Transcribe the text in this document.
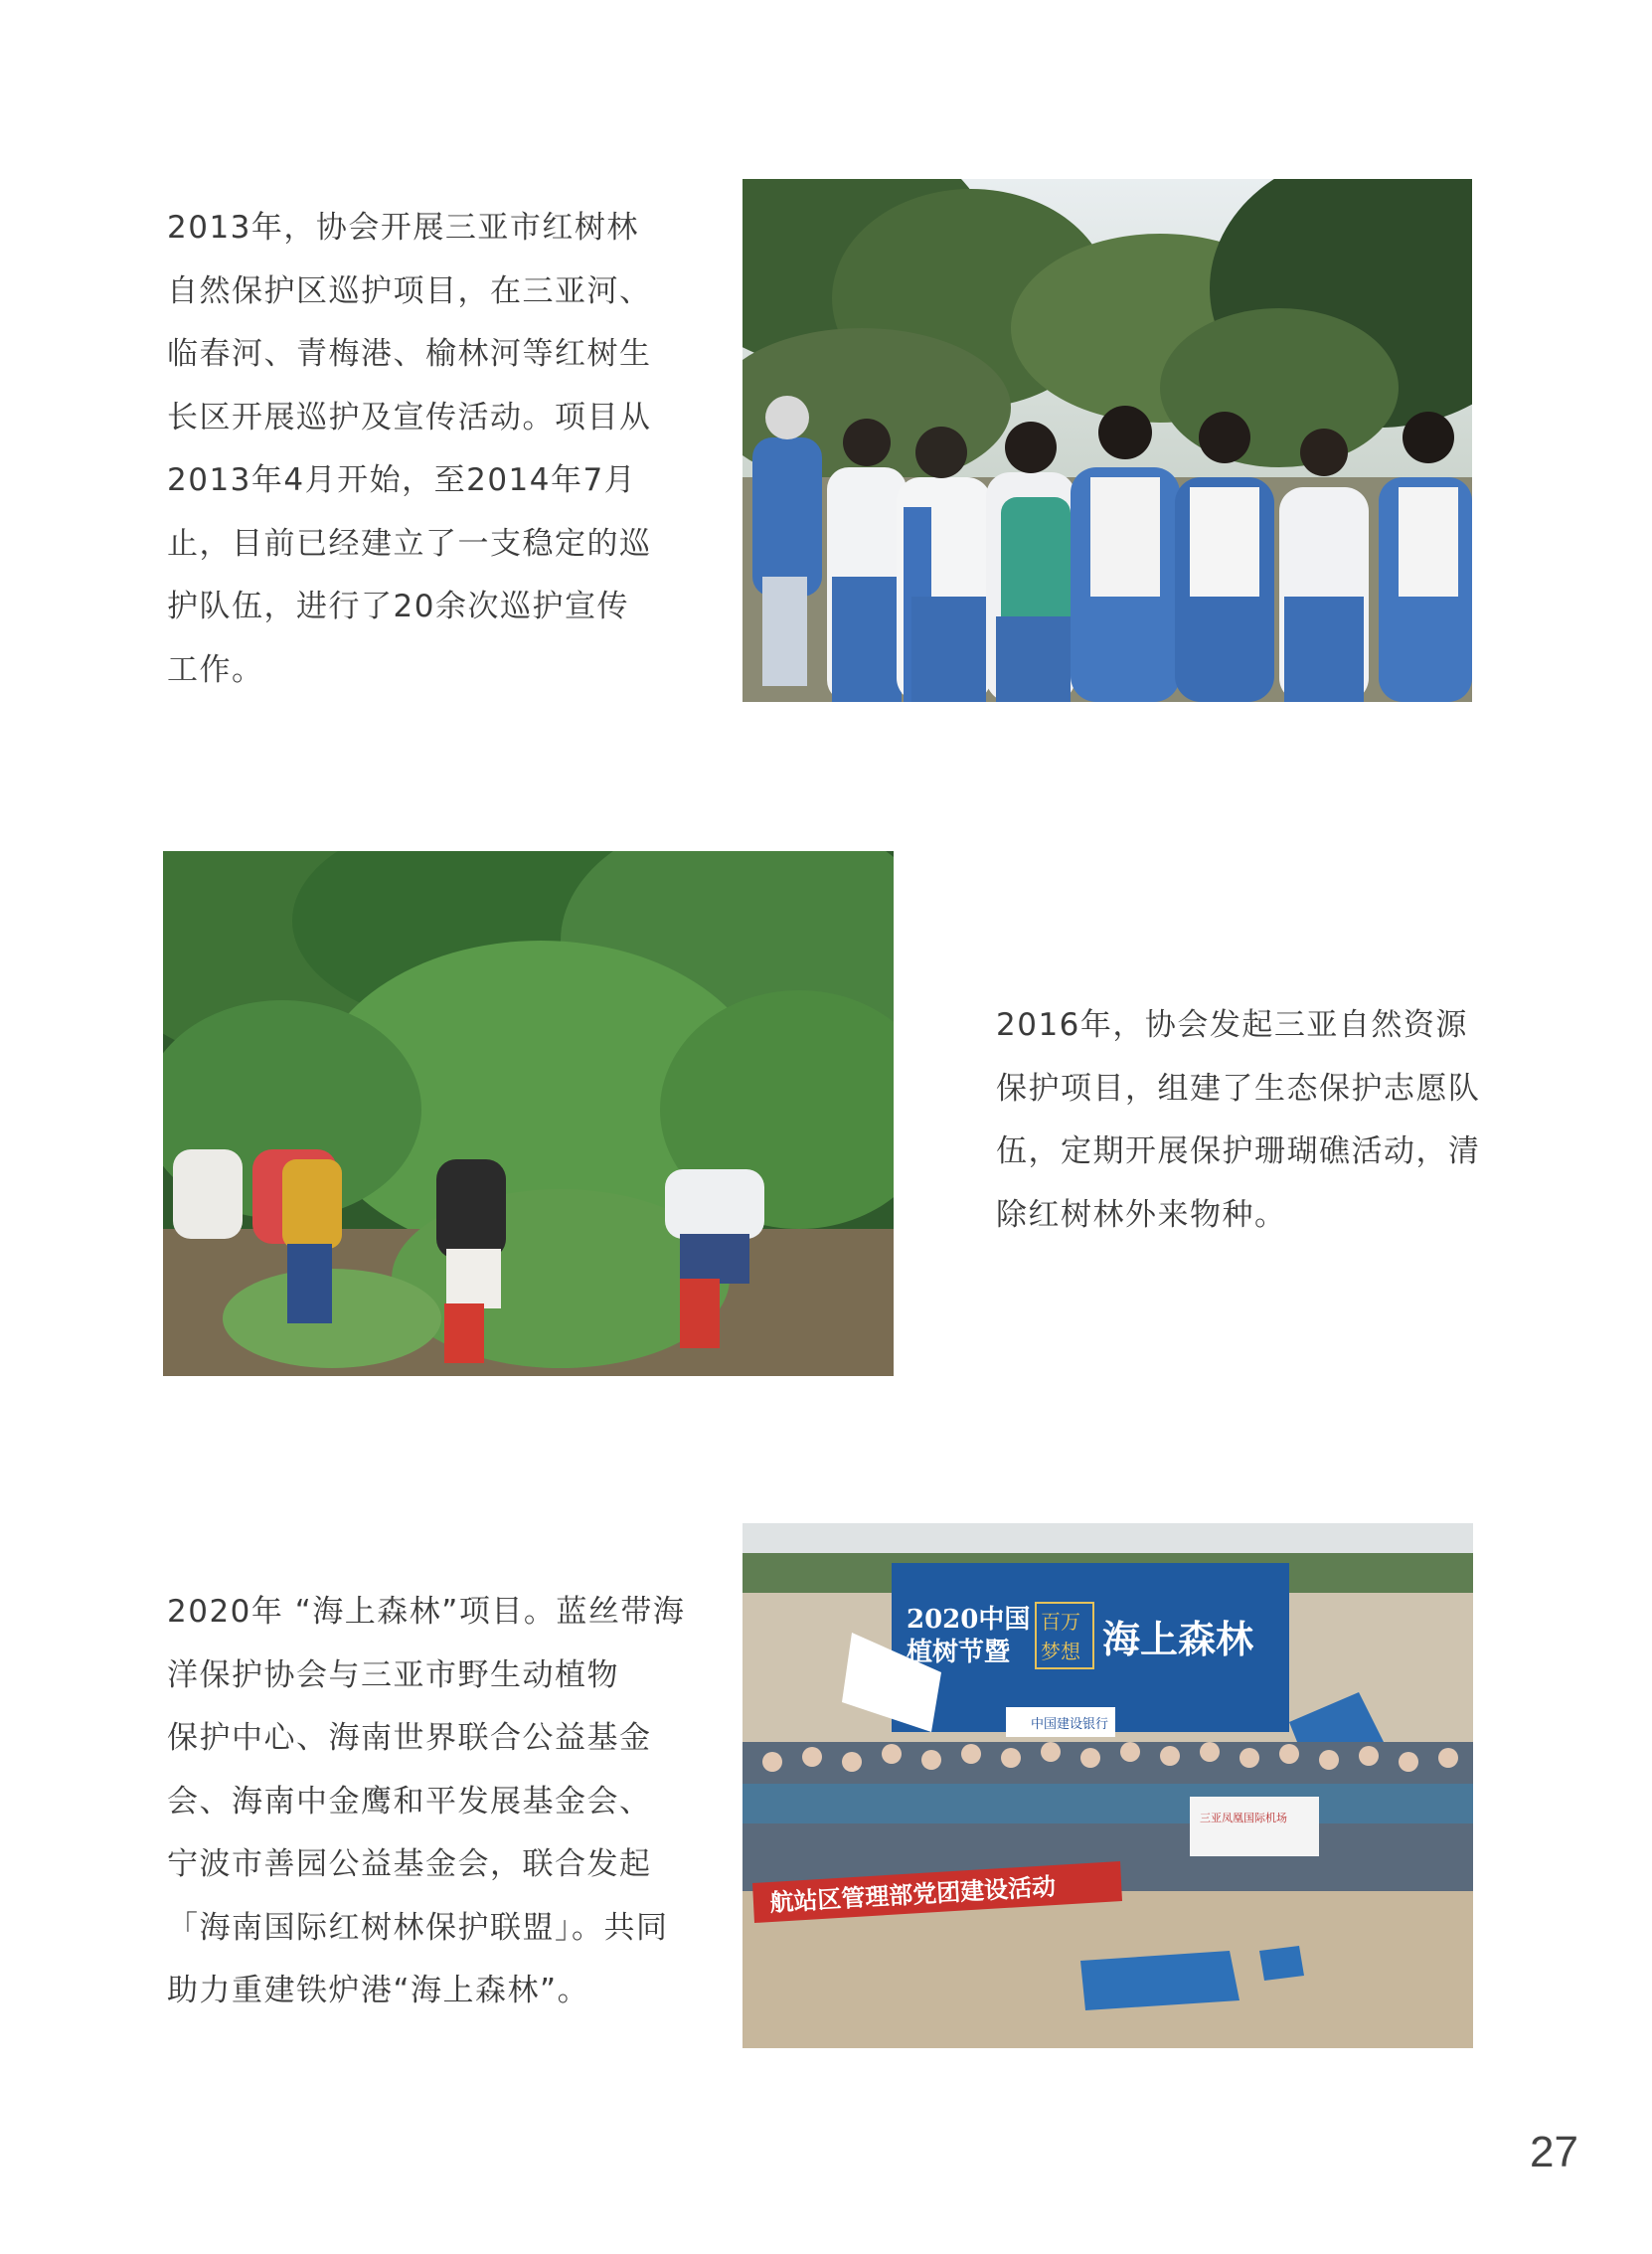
2013年，协会开展三亚市红树林
自然保护区巡护项目，在三亚河、
临春河、青梅港、榆林河等红树生
长区开展巡护及宣传活动。项目从
2013年4月开始，至2014年7月
止，目前已经建立了一支稳定的巡
护队伍，进行了20余次巡护宣传
工作。
2016年，协会发起三亚自然资源
保护项目，组建了生态保护志愿队
伍，定期开展保护珊瑚礁活动，清
除红树林外来物种。
2020年 “海上森林”项目。蓝丝带海
洋保护协会与三亚市野生动植物
保护中心、海南世界联合公益基金
会、海南中金鹰和平发展基金会、
宁波市善园公益基金会，联合发起
「海南国际红树林保护联盟」。共同
助力重建铁炉港“海上森林”。
2020中国
植树节暨
百万
梦想 海上森林
中国建设银行
三亚凤凰国际机场
航站区管理部党团建设活动
27
